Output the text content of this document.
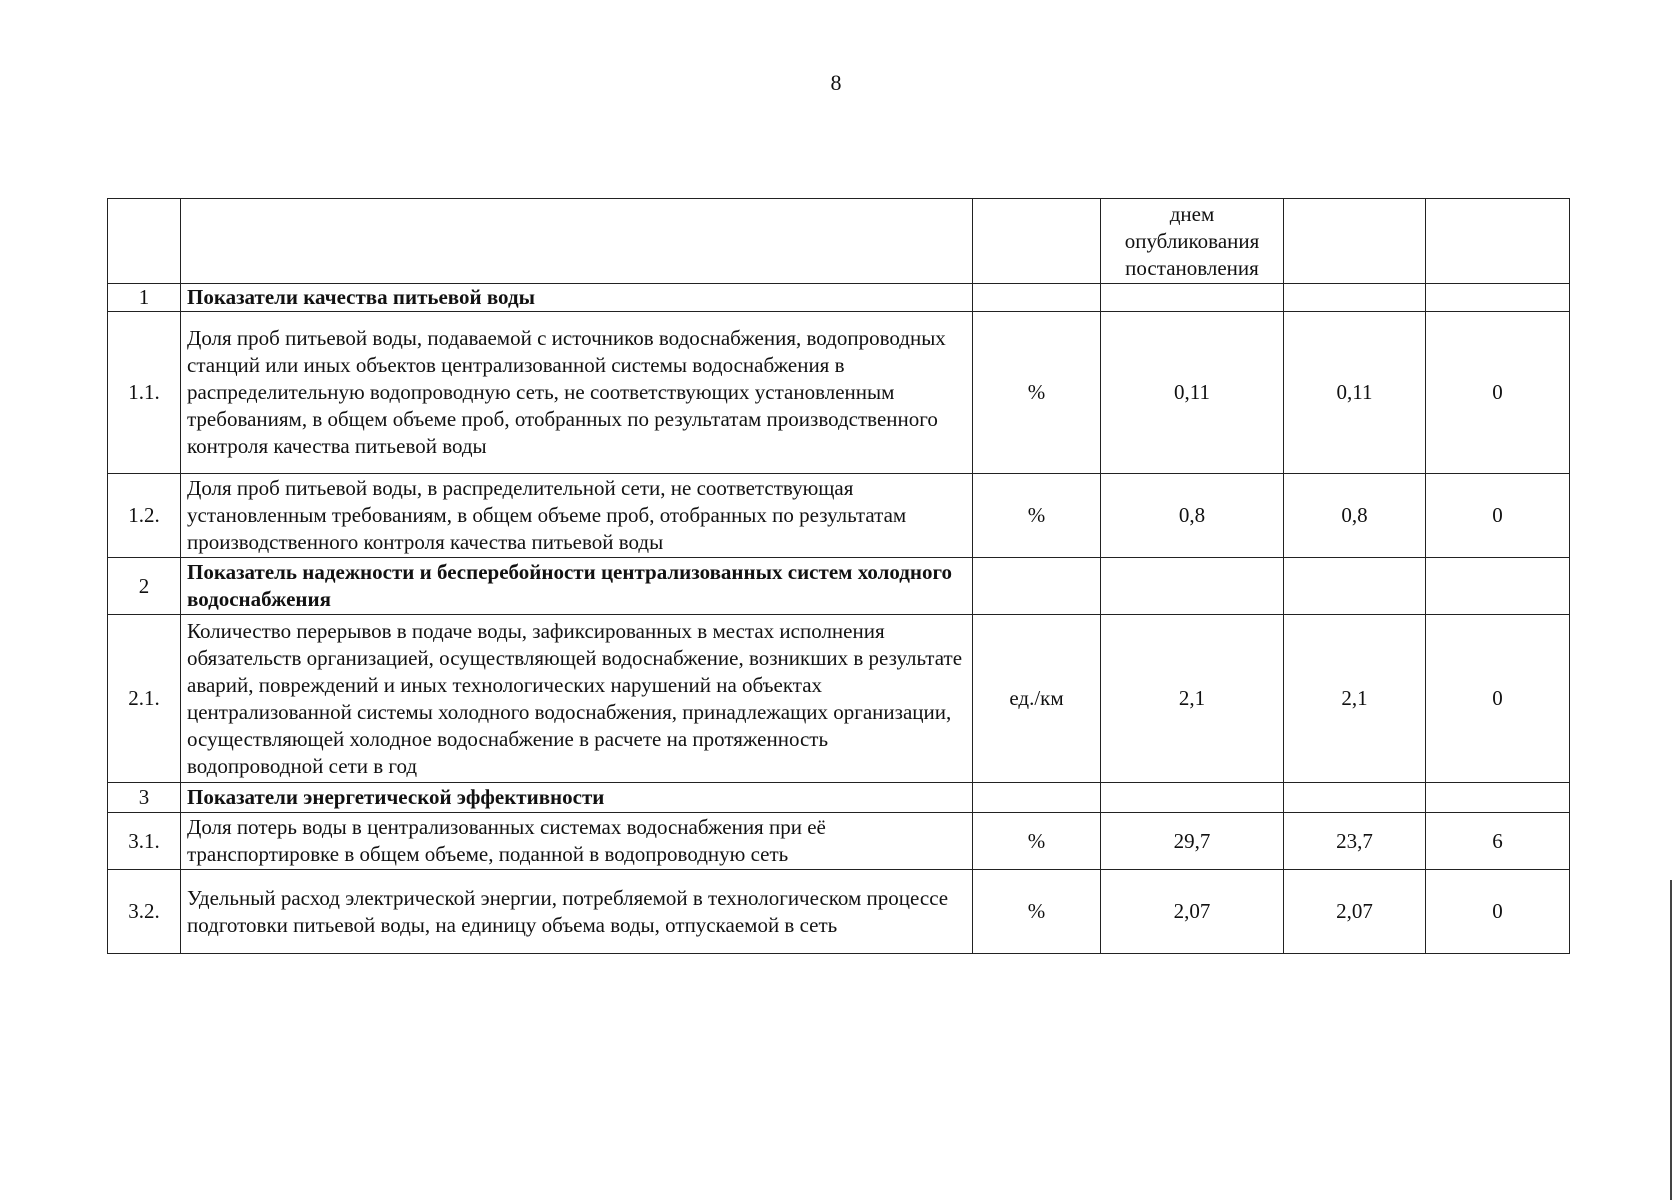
8

			днем
опубликования
постановления		

1	Показатели качества питьевой воды				
1.1.	Доля проб питьевой воды, подаваемой с источников водоснабжения, водопроводных станций или иных объектов централизованной системы водоснабжения в распределительную водопроводную сеть, не соответствующих установленным требованиям, в общем объеме проб, отобранных по результатам производственного контроля качества питьевой воды	%	0,11	0,11	0
1.2.	Доля проб питьевой воды, в распределительной сети, не соответствующая установленным требованиям, в общем объеме проб, отобранных по результатам производственного контроля качества питьевой воды	%	0,8	0,8	0
2	Показатель надежности и бесперебойности централизованных систем холодного водоснабжения				
2.1.	Количество перерывов в подаче воды, зафиксированных в местах исполнения обязательств организацией, осуществляющей водоснабжение, возникших в результате аварий, повреждений и иных технологических нарушений на объектах централизованной системы холодного водоснабжения, принадлежащих организации, осуществляющей холодное водоснабжение в расчете на протяженность водопроводной сети в год	ед./км	2,1	2,1	0
3	Показатели энергетической эффективности				
3.1.	Доля потерь воды в централизованных системах водоснабжения при её транспортировке в общем объеме, поданной в водопроводную сеть	%	29,7	23,7	6
3.2.	Удельный расход электрической энергии, потребляемой в технологическом процессе подготовки питьевой воды, на единицу объема воды, отпускаемой в сеть	%	2,07	2,07	0
